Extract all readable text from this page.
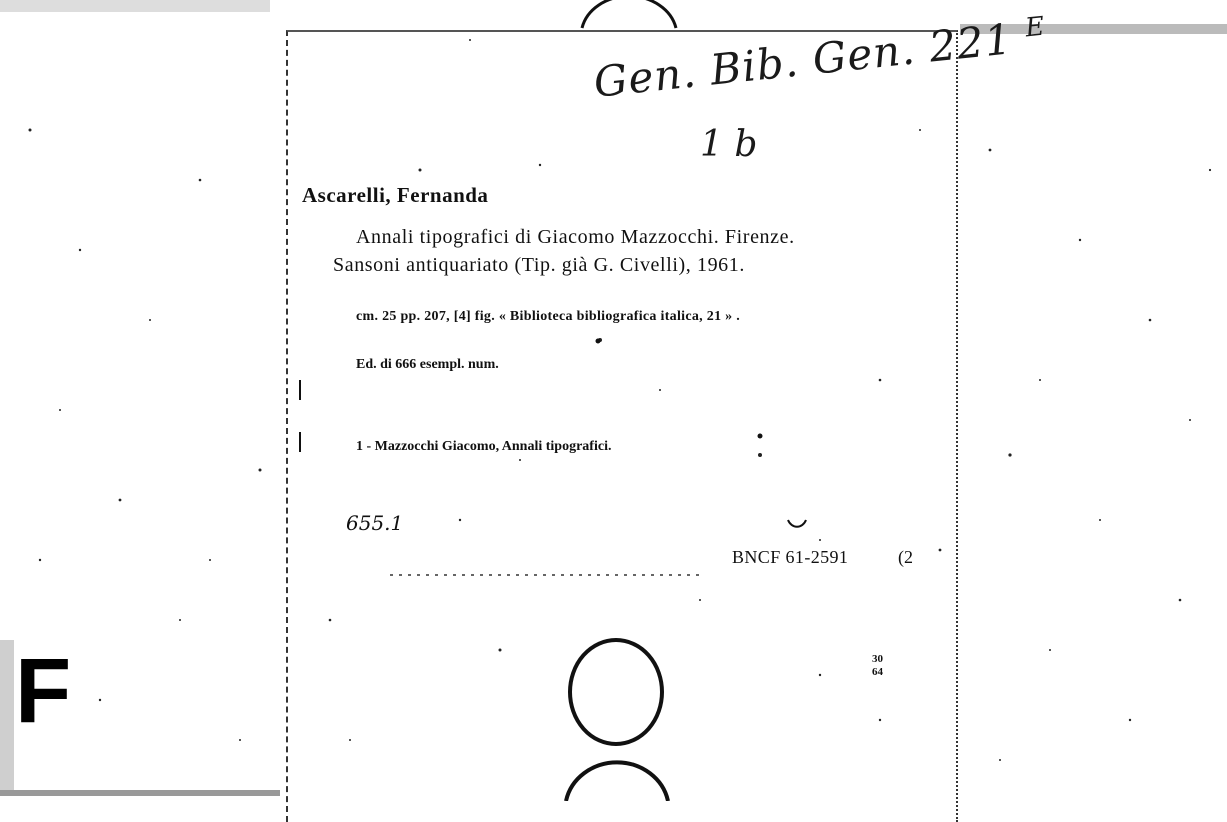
Gen. Bib. Gen. 221 $^E$
1 b
Ascarelli, Fernanda
Annali tipografici di Giacomo Mazzocchi. Firenze.
Sansoni antiquariato (Tip. già G. Civelli), 1961.
cm. 25 pp. 207, [4] fig. « Biblioteca bibliografica italica, 21 » .
Ed. di 666 esempl. num.
1 - Mazzocchi Giacomo, Annali tipografici.
655.1
BNCF 61-2591	(2
30
64
F
